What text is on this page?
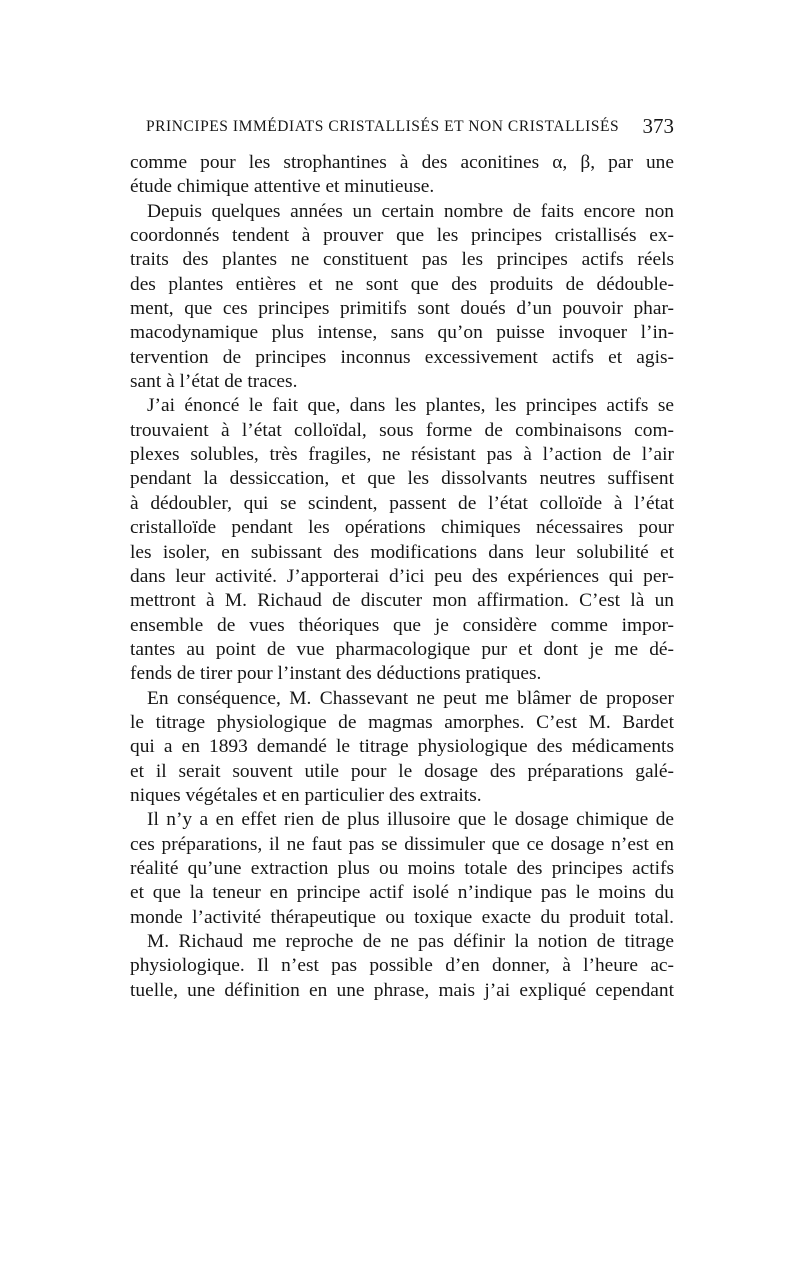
PRINCIPES IMMÉDIATS CRISTALLISÉS ET NON CRISTALLISÉS 373
comme pour les strophantines à des aconitines α, β, par une
étude chimique attentive et minutieuse.
Depuis quelques années un certain nombre de faits encore non
coordonnés tendent à prouver que les principes cristallisés ex-
traits des plantes ne constituent pas les principes actifs réels
des plantes entières et ne sont que des produits de dédouble-
ment, que ces principes primitifs sont doués d’un pouvoir phar-
macodynamique plus intense, sans qu’on puisse invoquer l’in-
tervention de principes inconnus excessivement actifs et agis-
sant à l’état de traces.
J’ai énoncé le fait que, dans les plantes, les principes actifs se
trouvaient à l’état colloïdal, sous forme de combinaisons com-
plexes solubles, très fragiles, ne résistant pas à l’action de l’air
pendant la dessiccation, et que les dissolvants neutres suffisent
à dédoubler, qui se scindent, passent de l’état colloïde à l’état
cristalloïde pendant les opérations chimiques nécessaires pour
les isoler, en subissant des modifications dans leur solubilité et
dans leur activité. J’apporterai d’ici peu des expériences qui per-
mettront à M. Richaud de discuter mon affirmation. C’est là un
ensemble de vues théoriques que je considère comme impor-
tantes au point de vue pharmacologique pur et dont je me dé-
fends de tirer pour l’instant des déductions pratiques.
En conséquence, M. Chassevant ne peut me blâmer de proposer
le titrage physiologique de magmas amorphes. C’est M. Bardet
qui a en 1893 demandé le titrage physiologique des médicaments
et il serait souvent utile pour le dosage des préparations galé-
niques végétales et en particulier des extraits.
Il n’y a en effet rien de plus illusoire que le dosage chimique de
ces préparations, il ne faut pas se dissimuler que ce dosage n’est en
réalité qu’une extraction plus ou moins totale des principes actifs
et que la teneur en principe actif isolé n’indique pas le moins du
monde l’activité thérapeutique ou toxique exacte du produit total.
M. Richaud me reproche de ne pas définir la notion de titrage
physiologique. Il n’est pas possible d’en donner, à l’heure ac-
tuelle, une définition en une phrase, mais j’ai expliqué cependant
